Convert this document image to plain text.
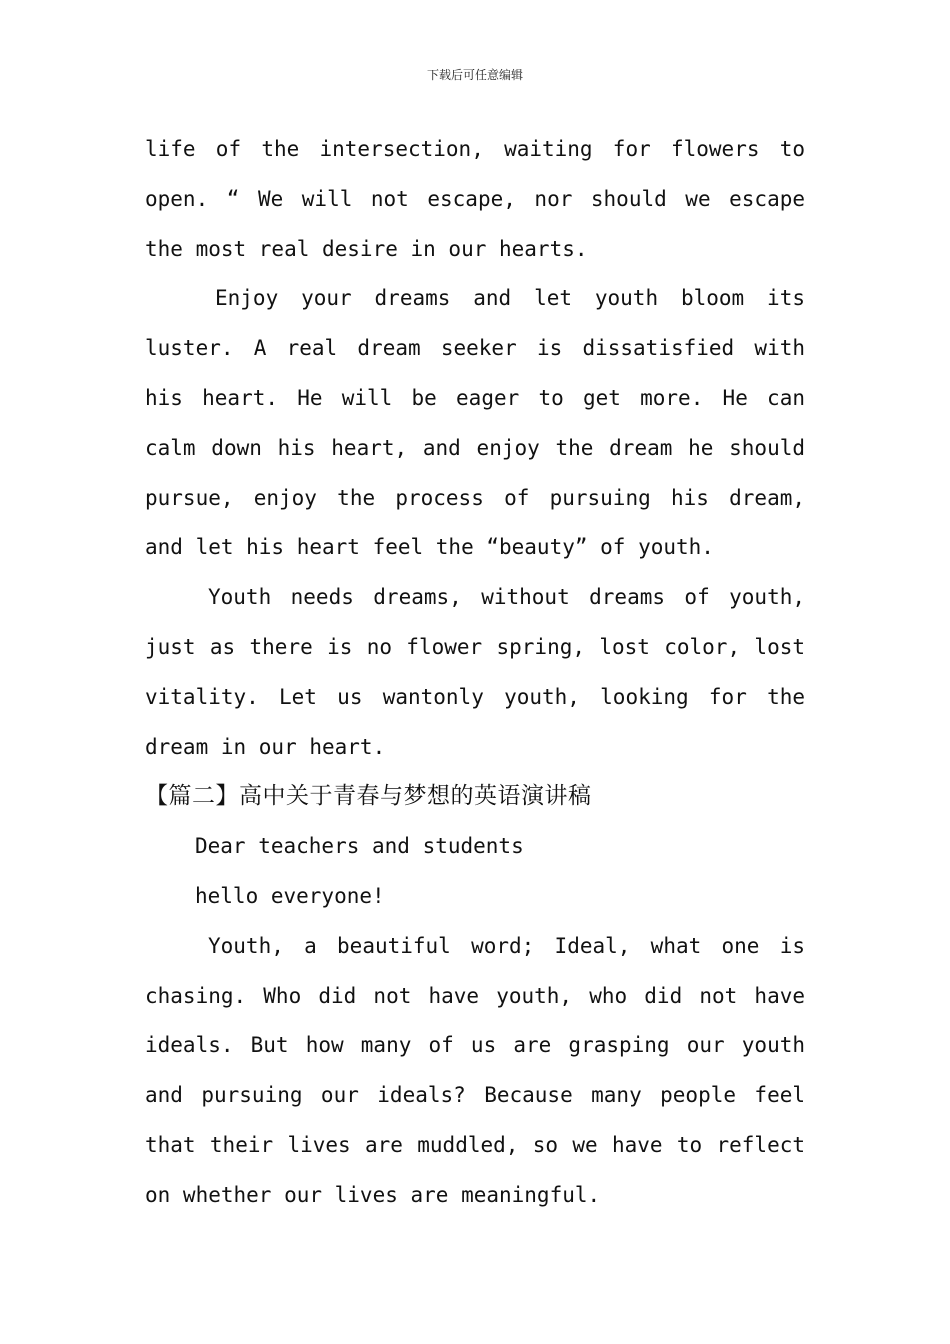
下载后可任意编辑
life of the intersection, waiting for flowers to
open. “ We will not escape, nor should we escape
the most real desire in our hearts.
Enjoy your dreams and let youth bloom its
luster. A real dream seeker is dissatisfied with
his heart. He will be eager to get more. He can
calm down his heart, and enjoy the dream he should
pursue, enjoy the process of pursuing his dream,
and let his heart feel the “beauty” of youth.
Youth needs dreams, without dreams of youth,
just as there is no flower spring, lost color, lost
vitality. Let us wantonly youth, looking for the
dream in our heart.
【篇二】高中关于青春与梦想的英语演讲稿
Dear teachers and students
hello everyone!
Youth, a beautiful word; Ideal, what one is
chasing. Who did not have youth, who did not have
ideals. But how many of us are grasping our youth
and pursuing our ideals? Because many people feel
that their lives are muddled, so we have to reflect
on whether our lives are meaningful.
